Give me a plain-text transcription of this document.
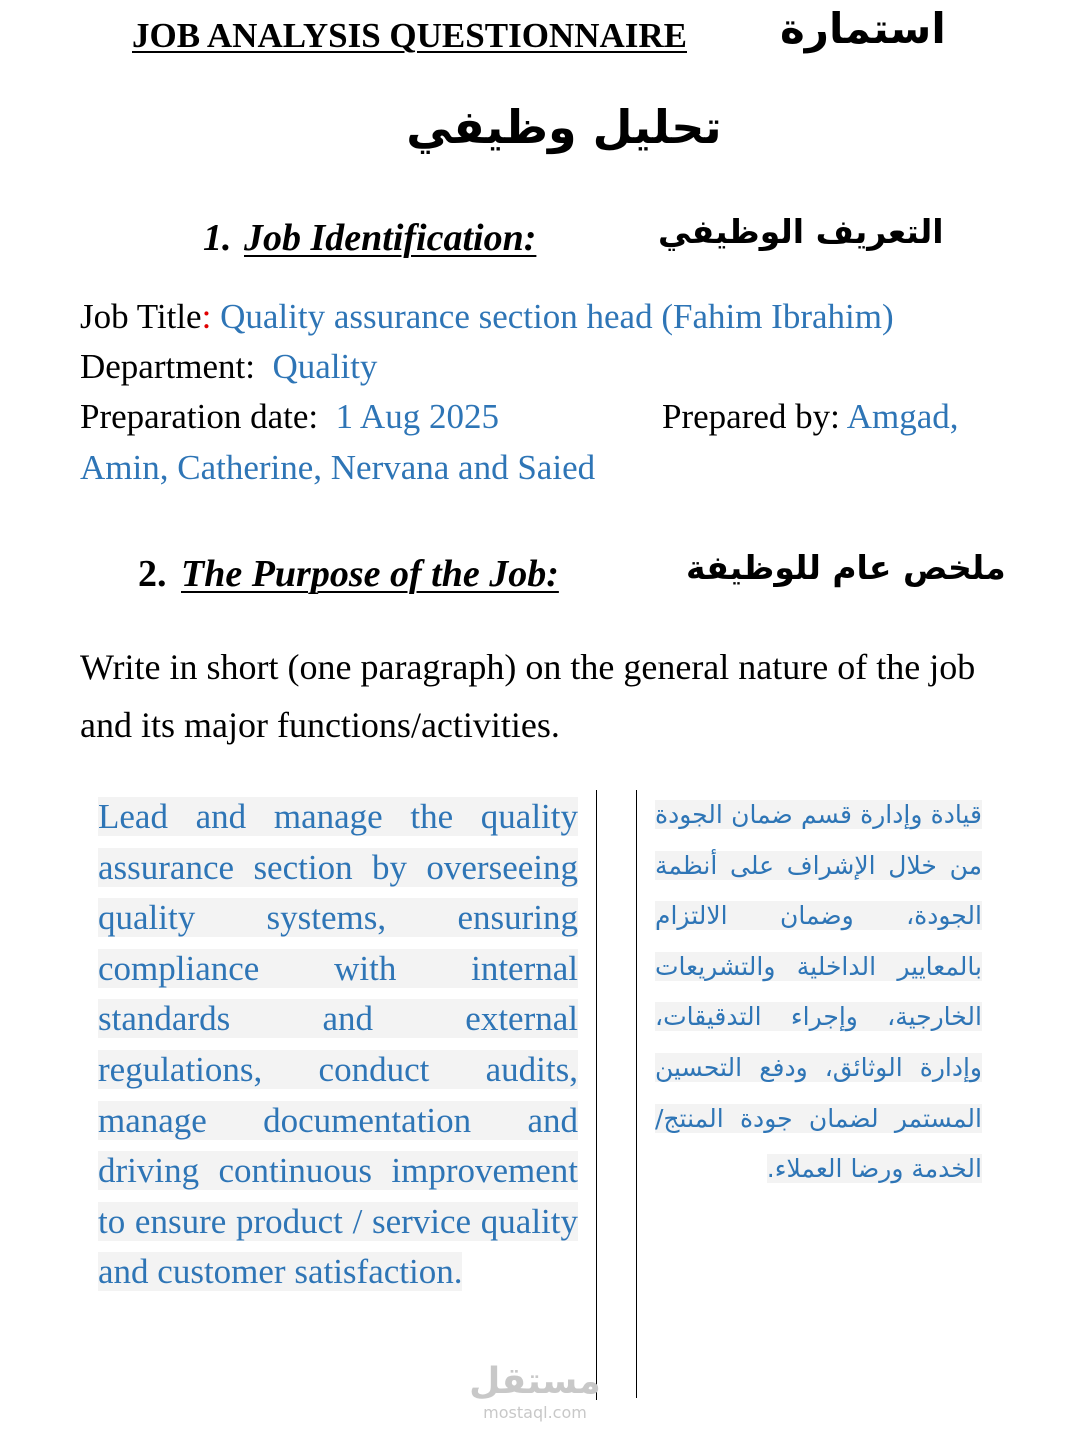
JOB ANALYSIS QUESTIONNAIRE استمارة
تحليل وظيفي
1. Job Identification:	التعريف الوظيفي
Job Title: Quality assurance section head (Fahim Ibrahim)
Department: Quality
Preparation date: 1 Aug 2025	Prepared by: Amgad,
Amin, Catherine, Nervana and Saied
2. The Purpose of the Job:	ملخص عام للوظيفة
Write in short (one paragraph) on the general nature of the job and its major functions/activities.
Lead and manage the quality assurance section by overseeing quality systems, ensuring compliance with internal standards and external regulations, conduct audits, manage documentation and driving continuous improvement to ensure product / service quality and customer satisfaction.
قيادة وإدارة قسم ضمان الجودة من خلال الإشراف على أنظمة الجودة، وضمان الالتزام بالمعايير الداخلية والتشريعات الخارجية، وإجراء التدقيقات، وإدارة الوثائق، ودفع التحسين المستمر لضمان جودة المنتج/الخدمة ورضا العملاء.
مستقل
mostaql.com
